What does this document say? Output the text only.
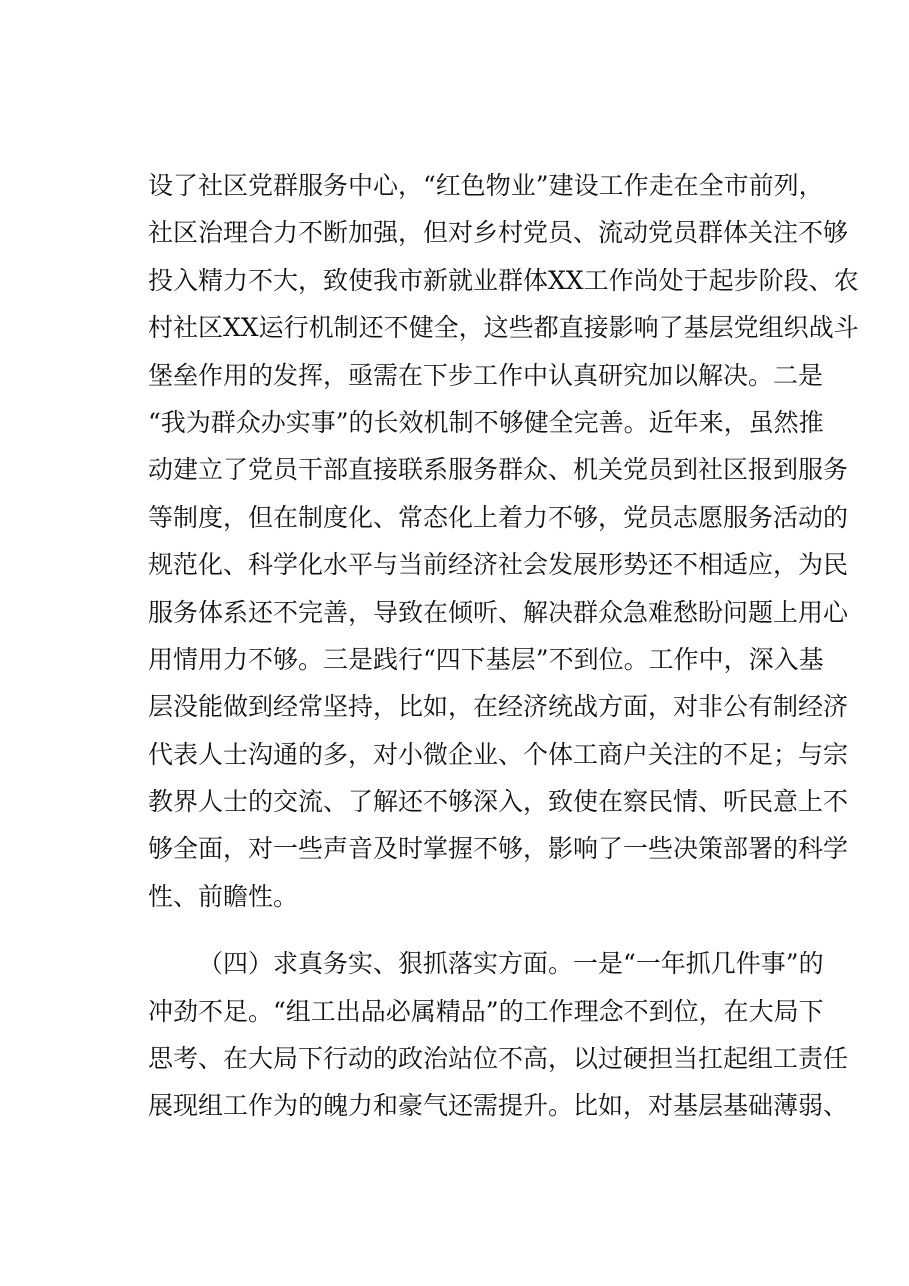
设了社区党群服务中心，“红色物业”建设工作走在全市前列，
社区治理合力不断加强，但对乡村党员、流动党员群体关注不够
投入精力不大，致使我市新就业群体XX工作尚处于起步阶段、农
村社区XX运行机制还不健全，这些都直接影响了基层党组织战斗
堡垒作用的发挥，亟需在下步工作中认真研究加以解决。二是
“我为群众办实事”的长效机制不够健全完善。近年来，虽然推
动建立了党员干部直接联系服务群众、机关党员到社区报到服务
等制度，但在制度化、常态化上着力不够，党员志愿服务活动的
规范化、科学化水平与当前经济社会发展形势还不相适应，为民
服务体系还不完善，导致在倾听、解决群众急难愁盼问题上用心
用情用力不够。三是践行“四下基层”不到位。工作中，深入基
层没能做到经常坚持，比如，在经济统战方面，对非公有制经济
代表人士沟通的多，对小微企业、个体工商户关注的不足；与宗
教界人士的交流、了解还不够深入，致使在察民情、听民意上不
够全面，对一些声音及时掌握不够，影响了一些决策部署的科学
性、前瞻性。
（四）求真务实、狠抓落实方面。一是“一年抓几件事”的
冲劲不足。“组工出品必属精品”的工作理念不到位，在大局下
思考、在大局下行动的政治站位不高，以过硬担当扛起组工责任
展现组工作为的魄力和豪气还需提升。比如，对基层基础薄弱、
